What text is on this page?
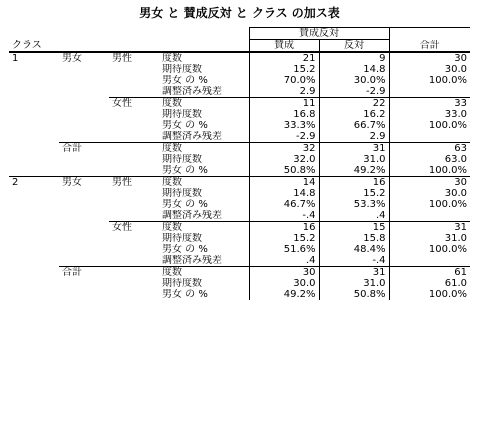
男女 と 賛成反対 と クラス の加ス表
				賛成反対		
クラス				賛成	反対	合計
1	男女	男性	度数	21	9	30
			期待度数	15.2	14.8	30.0
			男女 の %	70.0%	30.0%	100.0%
			調整済み残差	2.9	-2.9	
		女性	度数	11	22	33
			期待度数	16.8	16.2	33.0
			男女 の %	33.3%	66.7%	100.0%
			調整済み残差	-2.9	2.9	
	合計		度数	32	31	63
			期待度数	32.0	31.0	63.0
			男女 の %	50.8%	49.2%	100.0%
2	男女	男性	度数	14	16	30
			期待度数	14.8	15.2	30.0
			男女 の %	46.7%	53.3%	100.0%
			調整済み残差	-.4	.4	
		女性	度数	16	15	31
			期待度数	15.2	15.8	31.0
			男女 の %	51.6%	48.4%	100.0%
			調整済み残差	.4	-.4	
	合計		度数	30	31	61
			期待度数	30.0	31.0	61.0
			男女 の %	49.2%	50.8%	100.0%
